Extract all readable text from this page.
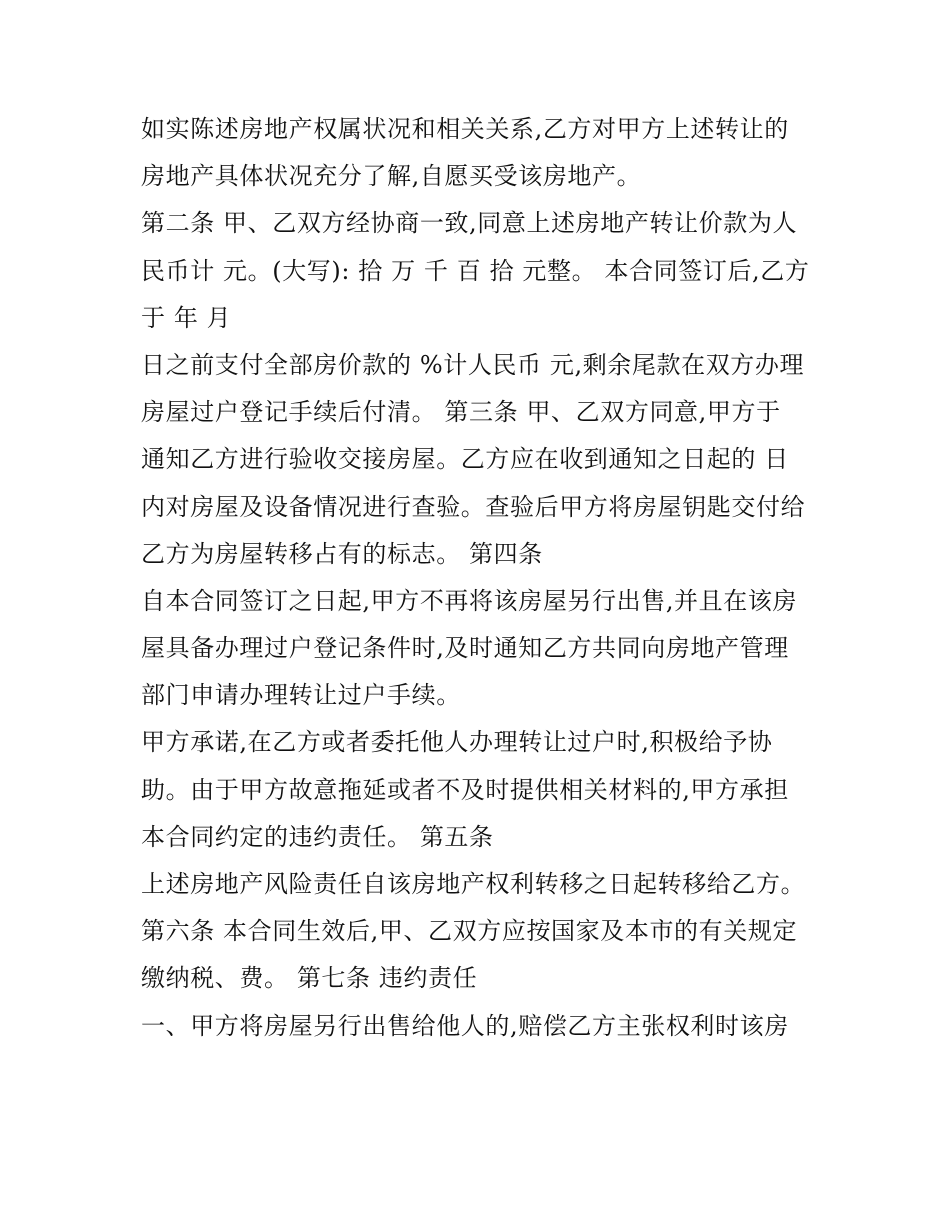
如实陈述房地产权属状况和相关关系,乙方对甲方上述转让的
房地产具体状况充分了解,自愿买受该房地产。
第二条 甲、乙双方经协商一致,同意上述房地产转让价款为人
民币计 元。(大写): 拾 万 千 百 拾 元整。 本合同签订后,乙方
于 年 月
日之前支付全部房价款的 %计人民币 元,剩余尾款在双方办理
房屋过户登记手续后付清。 第三条 甲、乙双方同意,甲方于
通知乙方进行验收交接房屋。乙方应在收到通知之日起的 日
内对房屋及设备情况进行查验。查验后甲方将房屋钥匙交付给
乙方为房屋转移占有的标志。 第四条
自本合同签订之日起,甲方不再将该房屋另行出售,并且在该房
屋具备办理过户登记条件时,及时通知乙方共同向房地产管理
部门申请办理转让过户手续。
甲方承诺,在乙方或者委托他人办理转让过户时,积极给予协
助。由于甲方故意拖延或者不及时提供相关材料的,甲方承担
本合同约定的违约责任。 第五条
上述房地产风险责任自该房地产权利转移之日起转移给乙方。
第六条 本合同生效后,甲、乙双方应按国家及本市的有关规定
缴纳税、费。 第七条 违约责任
一、甲方将房屋另行出售给他人的,赔偿乙方主张权利时该房
